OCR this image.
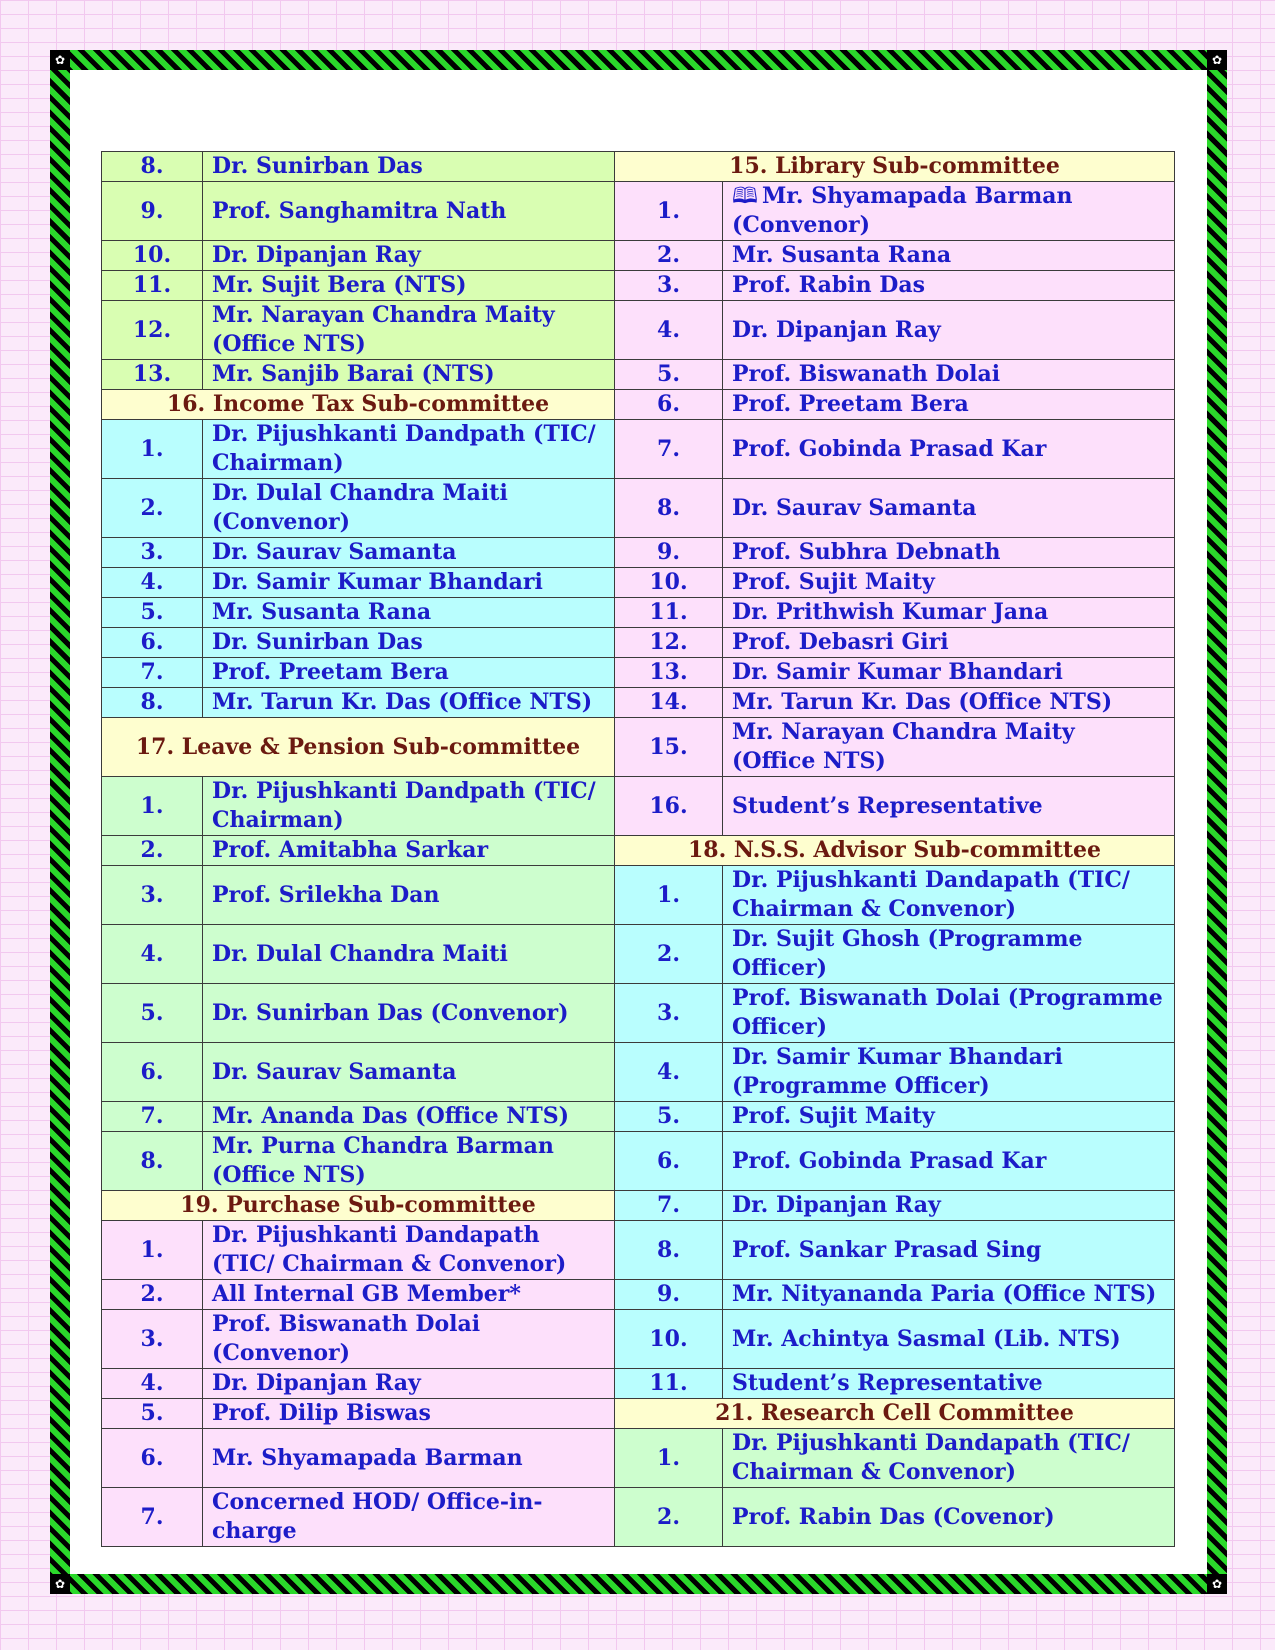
✿	✿
✿	✿
8.	Dr. Sunirban Das	15. Library Sub-committee	
9.	Prof. Sanghamitra Nath	1.	🕮 Mr. Shyamapada Barman (Convenor)
10.	Dr. Dipanjan Ray	2.	Mr. Susanta Rana
11.	Mr. Sujit Bera (NTS)	3.	Prof. Rabin Das
12.	Mr. Narayan Chandra Maity (Office NTS)	4.	Dr. Dipanjan Ray
13.	Mr. Sanjib Barai (NTS)	5.	Prof. Biswanath Dolai
16. Income Tax Sub-committee		6.	Prof. Preetam Bera
1.	Dr. Pijushkanti Dandpath (TIC/ Chairman)	7.	Prof. Gobinda Prasad Kar
2.	Dr. Dulal Chandra Maiti (Convenor)	8.	Dr. Saurav Samanta
3.	Dr. Saurav Samanta	9.	Prof. Subhra Debnath
4.	Dr. Samir Kumar Bhandari	10.	Prof. Sujit Maity
5.	Mr. Susanta Rana	11.	Dr. Prithwish Kumar Jana
6.	Dr. Sunirban Das	12.	Prof. Debasri Giri
7.	Prof. Preetam Bera	13.	Dr. Samir Kumar Bhandari
8.	Mr. Tarun Kr. Das (Office NTS)	14.	Mr. Tarun Kr. Das (Office NTS)
17. Leave & Pension Sub-committee		15.	Mr. Narayan Chandra Maity (Office NTS)
1.	Dr. Pijushkanti Dandpath (TIC/ Chairman)	16.	Student’s Representative
2.	Prof. Amitabha Sarkar	18. N.S.S. Advisor Sub-committee	
3.	Prof. Srilekha Dan	1.	Dr. Pijushkanti Dandapath (TIC/ Chairman & Convenor)
4.	Dr. Dulal Chandra Maiti	2.	Dr. Sujit Ghosh (Programme Officer)
5.	Dr. Sunirban Das (Convenor)	3.	Prof. Biswanath Dolai (Programme Officer)
6.	Dr. Saurav Samanta	4.	Dr. Samir Kumar Bhandari (Programme Officer)
7.	Mr. Ananda Das (Office NTS)	5.	Prof. Sujit Maity
8.	Mr. Purna Chandra Barman (Office NTS)	6.	Prof. Gobinda Prasad Kar
19. Purchase Sub-committee		7.	Dr. Dipanjan Ray
1.	Dr. Pijushkanti Dandapath (TIC/ Chairman & Convenor)	8.	Prof. Sankar Prasad Sing
2.	All Internal GB Member*	9.	Mr. Nityananda Paria (Office NTS)
3.	Prof. Biswanath Dolai (Convenor)	10.	Mr. Achintya Sasmal (Lib. NTS)
4.	Dr. Dipanjan Ray	11.	Student’s Representative
5.	Prof. Dilip Biswas	21. Research Cell Committee	
6.	Mr. Shyamapada Barman	1.	Dr. Pijushkanti Dandapath (TIC/ Chairman & Convenor)
7.	Concerned HOD/ Office-in-charge	2.	Prof. Rabin Das (Covenor)
